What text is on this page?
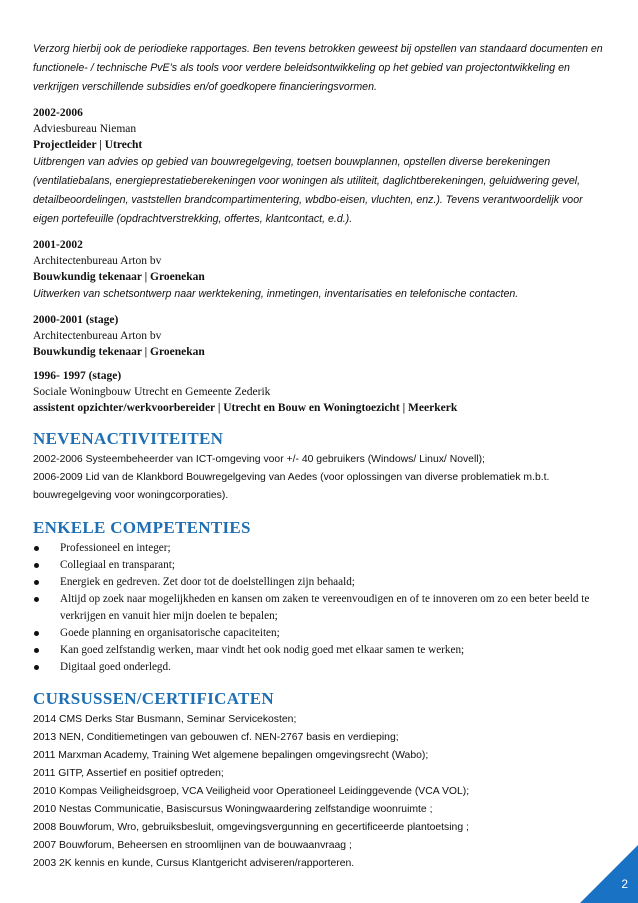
Verzorg hierbij ook de periodieke rapportages. Ben tevens betrokken geweest bij opstellen van standaard documenten en functionele- / technische PvE’s als tools voor verdere beleidsontwikkeling op het gebied van projectontwikkeling en verkrijgen verschillende subsidies en/of goedkopere financieringsvormen.
2002-2006
Adviesbureau Nieman
Projectleider | Utrecht
Uitbrengen van advies op gebied van bouwregelgeving, toetsen bouwplannen, opstellen diverse berekeningen (ventilatiebalans, energieprestatieberekeningen voor woningen als utiliteit, daglichtberekeningen, geluidwering gevel, detailbeoordelingen, vaststellen brandcompartimentering, wbdbo-eisen, vluchten, enz.). Tevens verantwoordelijk voor eigen portefeuille (opdrachtverstrekking, offertes, klantcontact, e.d.).
2001-2002
Architectenbureau Arton bv
Bouwkundig tekenaar | Groenekan
Uitwerken van schetsontwerp naar werktekening, inmetingen, inventarisaties en telefonische contacten.
2000-2001 (stage)
Architectenbureau Arton bv
Bouwkundig tekenaar | Groenekan
1996- 1997 (stage)
Sociale Woningbouw Utrecht en Gemeente Zederik
assistent opzichter/werkvoorbereider | Utrecht en Bouw en Woningtoezicht | Meerkerk
NEVENACTIVITEITEN
2002-2006 Systeembeheerder van ICT-omgeving voor +/- 40 gebruikers (Windows/ Linux/ Novell);
2006-2009 Lid van de Klankbord Bouwregelgeving van Aedes (voor oplossingen van diverse problematiek m.b.t. bouwregelgeving voor woningcorporaties).
ENKELE COMPETENTIES
Professioneel en integer;
Collegiaal en transparant;
Energiek en gedreven. Zet door tot de doelstellingen zijn behaald;
Altijd op zoek naar mogelijkheden en kansen om zaken te vereenvoudigen en of te innoveren om zo een beter beeld te verkrijgen en vanuit hier mijn doelen te bepalen;
Goede planning en organisatorische capaciteiten;
Kan goed zelfstandig werken, maar vindt het ook nodig goed met elkaar samen te werken;
Digitaal goed onderlegd.
CURSUSSEN/CERTIFICATEN
2014 CMS Derks Star Busmann, Seminar Servicekosten;
2013 NEN, Conditiemetingen van gebouwen cf. NEN-2767 basis en verdieping;
2011 Marxman Academy, Training Wet algemene bepalingen omgevingsrecht (Wabo);
2011 GITP, Assertief en positief optreden;
2010 Kompas Veiligheidsgroep, VCA Veiligheid voor Operationeel Leidinggevende (VCA VOL);
2010 Nestas Communicatie, Basiscursus Woningwaardering zelfstandige woonruimte ;
2008 Bouwforum, Wro, gebruiksbesluit, omgevingsvergunning en gecertificeerde plantoetsing ;
2007 Bouwforum, Beheersen en stroomlijnen van de bouwaanvraag ;
2003 2K kennis en kunde, Cursus Klantgericht adviseren/rapporteren.
2
